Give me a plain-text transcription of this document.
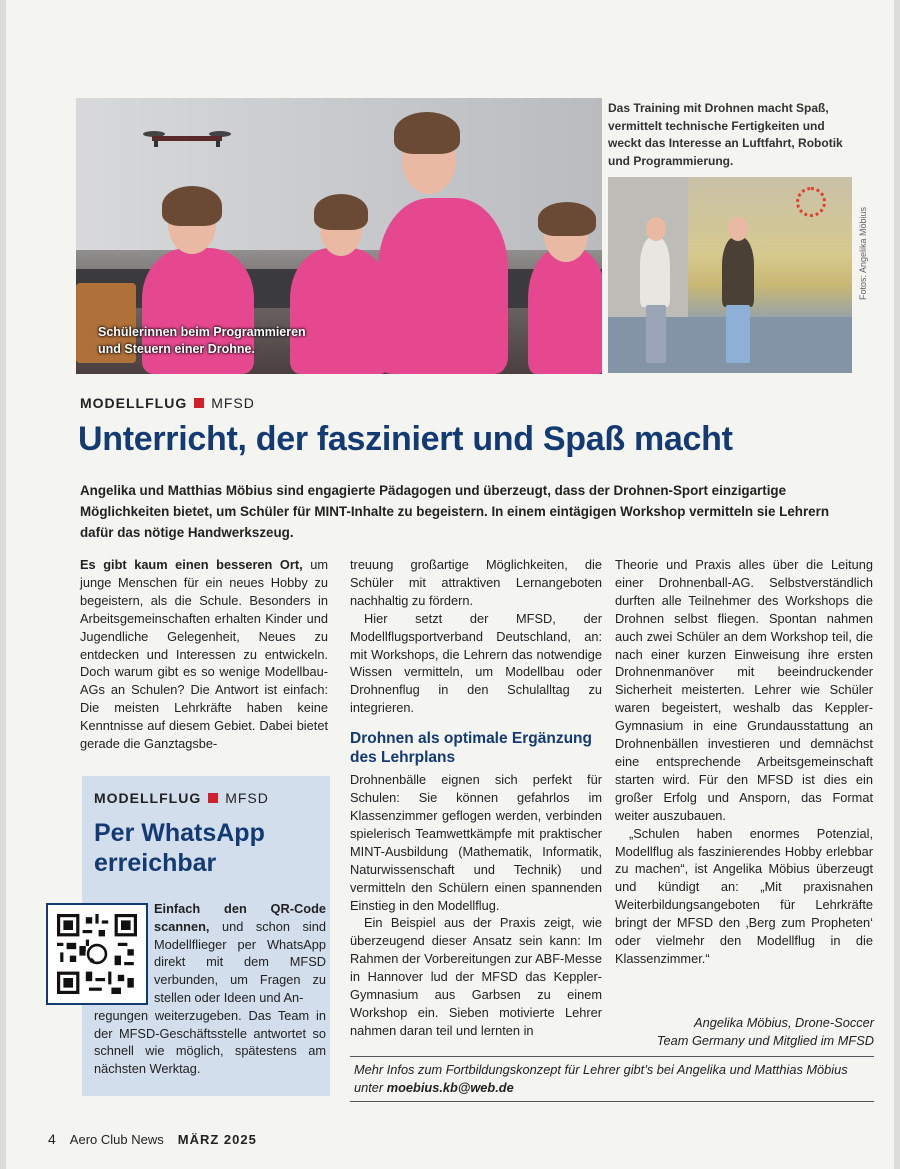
Schülerinnen beim Programmieren
und Steuern einer Drohne.
Das Training mit Drohnen macht Spaß, vermittelt technische Fertigkeiten und weckt das Interesse an Luftfahrt, Robotik und Programmierung.
Fotos: Angelika Möbius
MODELLFLUG MFSD
Unterricht, der fasziniert und Spaß macht
Angelika und Matthias Möbius sind engagierte Pädagogen und überzeugt, dass der Drohnen-Sport einzigartige Möglichkeiten bietet, um Schüler für MINT-Inhalte zu begeistern. In einem eintägigen Workshop vermitteln sie Lehrern dafür das nötige Handwerkszeug.

Es gibt kaum einen besseren Ort, um junge Menschen für ein neues Hobby zu begeistern, als die Schule. Besonders in Arbeitsgemeinschaften erhalten Kinder und Jugendliche Gelegenheit, Neues zu entdecken und Interessen zu entwickeln. Doch warum gibt es so wenige Modellbau-AGs an Schulen? Die Antwort ist einfach: Die meisten Lehrkräfte haben keine Kenntnisse auf diesem Gebiet. Dabei bietet gerade die Ganztagsbe-

treuung großartige Möglichkeiten, die Schüler mit attraktiven Lernangeboten nachhaltig zu fördern.

Hier setzt der MFSD, der Modellflugsportverband Deutschland, an: mit Workshops, die Lehrern das notwendige Wissen vermitteln, um Modellbau oder Drohnenflug in den Schulalltag zu integrieren.

Drohnen als optimale Ergänzung des Lehrplans

Drohnenbälle eignen sich perfekt für Schulen: Sie können gefahrlos im Klassenzimmer geflogen werden, verbinden spielerisch Teamwettkämpfe mit praktischer MINT-Ausbildung (Mathematik, Informatik, Naturwissenschaft und Technik) und vermitteln den Schülern einen spannenden Einstieg in den Modellflug.

Ein Beispiel aus der Praxis zeigt, wie überzeugend dieser Ansatz sein kann: Im Rahmen der Vorbereitungen zur ABF-Messe in Hannover lud der MFSD das Keppler-Gymnasium aus Garbsen zu einem Workshop ein. Sieben motivierte Lehrer nahmen daran teil und lernten in

Theorie und Praxis alles über die Leitung einer Drohnenball-AG. Selbstverständlich durften alle Teilnehmer des Workshops die Drohnen selbst fliegen. Spontan nahmen auch zwei Schüler an dem Workshop teil, die nach einer kurzen Einweisung ihre ersten Drohnenmanöver mit beeindruckender Sicherheit meisterten. Lehrer wie Schüler waren begeistert, weshalb das Keppler-Gymnasium in eine Grundausstattung an Drohnenbällen investieren und demnächst eine entsprechende Arbeitsgemeinschaft starten wird. Für den MFSD ist dies ein großer Erfolg und Ansporn, das Format weiter auszubauen.

„Schulen haben enormes Potenzial, Modellflug als faszinierendes Hobby erlebbar zu machen“, ist Angelika Möbius überzeugt und kündigt an: „Mit praxisnahen Weiterbildungsangeboten für Lehrkräfte bringt der MFSD den ‚Berg zum Propheten‘ oder vielmehr den Modellflug in die Klassenzimmer.“

Angelika Möbius, Drone-Soccer
Team Germany und Mitglied im MFSD
Mehr Infos zum Fortbildungskonzept für Lehrer gibt’s bei Angelika und Matthias Möbius unter moebius.kb@web.de
MODELLFLUG MFSD
Per WhatsApp erreichbar

Einfach den QR-Code scannen, und schon sind Modellflieger per WhatsApp direkt mit dem MFSD verbunden, um Fragen zu stellen oder Ideen und An-

regungen weiterzugeben. Das Team in der MFSD-Geschäftsstelle antwortet so schnell wie möglich, spätestens am nächsten Werktag.

4 Aero Club News MÄRZ 2025
